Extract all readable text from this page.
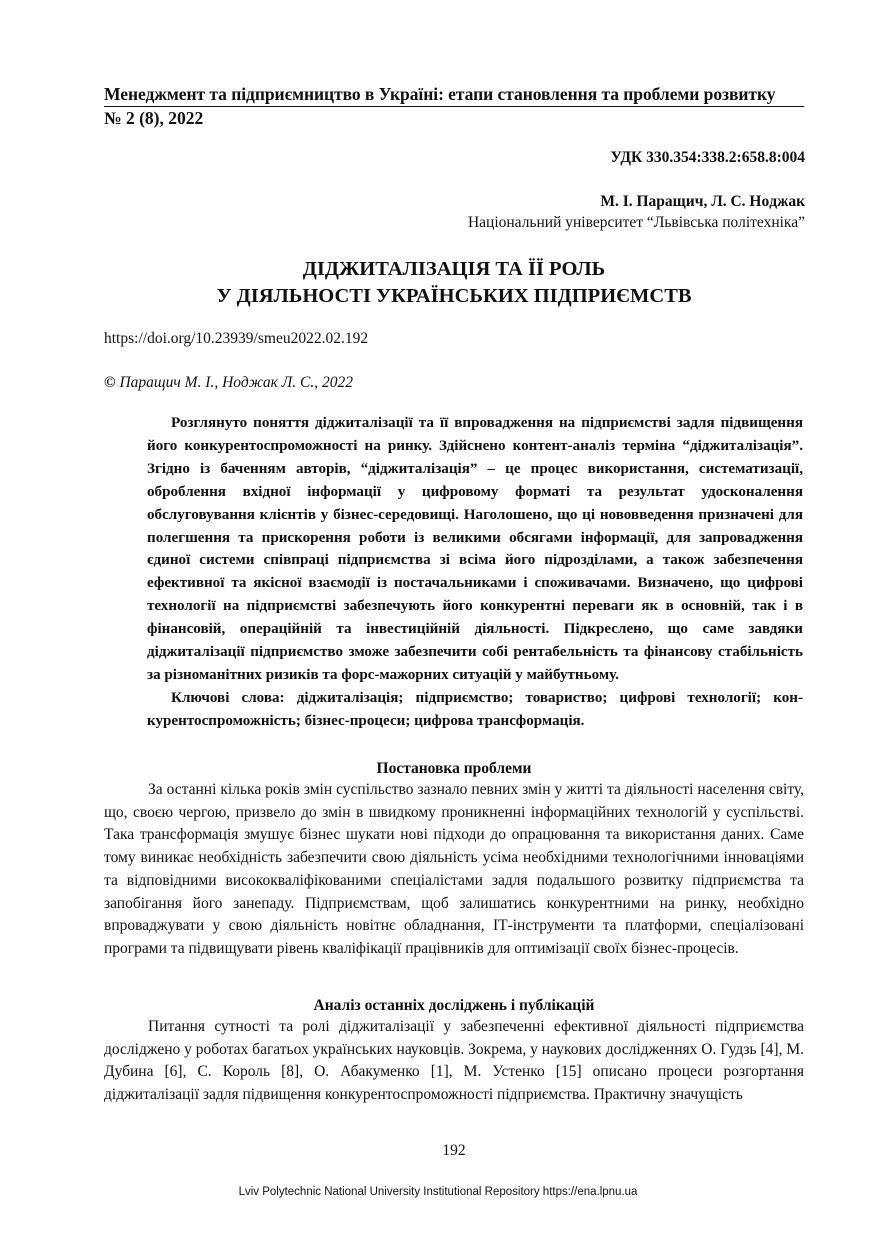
Менеджмент та підприємництво в Україні: етапи становлення та проблеми розвитку
№ 2 (8), 2022
УДК 330.354:338.2:658.8:004
М. І. Паращич, Л. С. Нoджак
Національний університет “Львівська політехніка”
ДІДЖИТАЛІЗАЦІЯ ТА ЇЇ РОЛЬ
У ДІЯЛЬНОСТІ УКРАЇНСЬКИХ ПІДПРИЄМСТВ
https://doi.org/10.23939/smeu2022.02.192
© Паращич М. І., Ноджак Л. С., 2022

Розглянуто поняття діджиталізації та її впровадження на підприємстві задля підвищення його конкурентоспроможності на ринку. Здійснено контент-аналіз терміна “діджиталізація”. Згідно із баченням авторів, “діджиталізація” – це процес використання, систематизації, оброблення вхідної інформації у цифровому форматі та результат удосконалення обслуговування клієнтів у бізнес-середовищі. Наголошено, що ці нововведення призначені для полегшення та прискорення роботи із великими обсягами інформації, для запровадження єдиної системи співпраці підприємства зі всіма його підрозділами, а також забезпечення ефективної та якісної взаємодії із постачальниками і споживачами. Визначено, що цифрові технології на підприємстві забезпечують його конкурентні переваги як в основній, так і в фінансовій, операційній та інвестиційній діяльності. Підкреслено, що саме завдяки діджиталізації підприємство зможе забезпечити собі рентабельність та фінансову стабільність за різноманітних ризиків та форс-мажорних ситуацій у майбутньому.

Ключові слова: діджиталізація; підприємство; товариство; цифрові технології; конкурентоспроможність; бізнес-процеси; цифрова трансформація.

Постановка проблеми

За останні кілька років змін суспільство зазнало певних змін у житті та діяльності населення світу, що, своєю чергою, призвело до змін в швидкому проникненні інформаційних технологій у суспільстві. Така трансформація змушує бізнес шукати нові підходи до опрацювання та використання даних. Саме тому виникає необхідність забезпечити свою діяльність усіма необхідними технологічними інноваціями та відповідними висококваліфікованими спеціалістами задля подальшого розвитку підприємства та запобігання його занепаду. Підприємствам, щоб залишатись конкурентними на ринку, необхідно впроваджувати у свою діяльність новітнє обладнання, ІТ-інструменти та платформи, спеціалізовані програми та підвищувати рівень кваліфікації працівників для оптимізації своїх бізнес-процесів.

Аналіз останніх досліджень і публікацій

Питання сутності та ролі діджиталізації у забезпеченні ефективної діяльності підприємства досліджено у роботах багатьох українських науковців. Зокрема, у наукових дослідженнях О. Гудзь [4], М. Дубина [6], С. Король [8], О. Абакуменко [1], М. Устенко [15] описано процеси розгортання діджиталізації задля підвищення конкурентоспроможності підприємства. Практичну значущість

192
Lviv Polytechnic National University Institutional Repository https://ena.lpnu.ua
